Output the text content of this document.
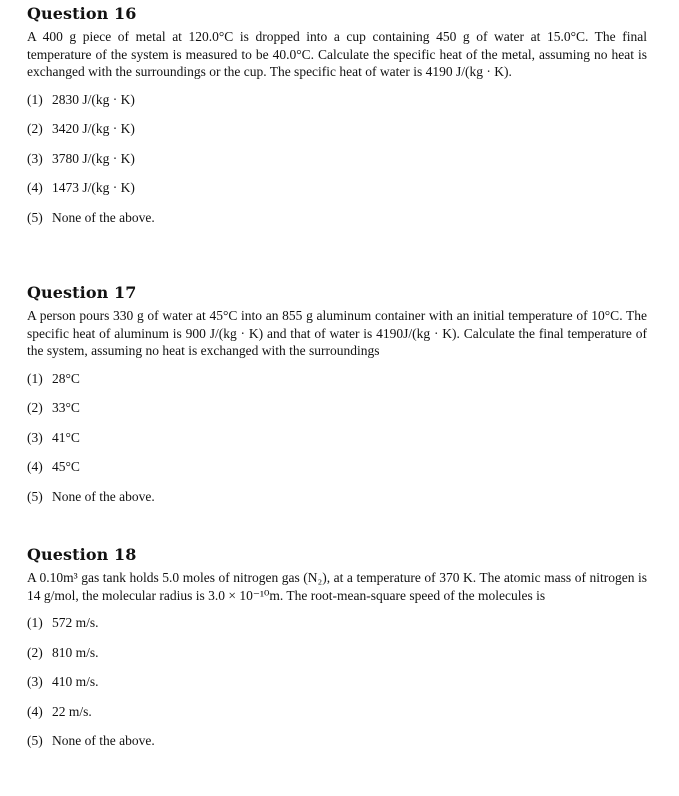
Question 16

A 400 g piece of metal at 120.0°C is dropped into a cup containing 450 g of water at 15.0°C. The final temperature of the system is measured to be 40.0°C. Calculate the specific heat of the metal, assuming no heat is exchanged with the surroundings or the cup. The specific heat of water is 4190 J/(kg · K).

(1) 2830 J/(kg · K)
(2) 3420 J/(kg · K)
(3) 3780 J/(kg · K)
(4) 1473 J/(kg · K)
(5) None of the above.
Question 17

A person pours 330 g of water at 45°C into an 855 g aluminum container with an initial temperature of 10°C. The specific heat of aluminum is 900 J/(kg · K) and that of water is 4190J/(kg · K). Calculate the final temperature of the system, assuming no heat is exchanged with the surroundings

(1) 28°C
(2) 33°C
(3) 41°C
(4) 45°C
(5) None of the above.
Question 18

A 0.10m³ gas tank holds 5.0 moles of nitrogen gas (N₂), at a temperature of 370 K. The atomic mass of nitrogen is 14 g/mol, the molecular radius is 3.0 × 10⁻¹⁰m. The root-mean-square speed of the molecules is

(1) 572 m/s.
(2) 810 m/s.
(3) 410 m/s.
(4) 22 m/s.
(5) None of the above.
